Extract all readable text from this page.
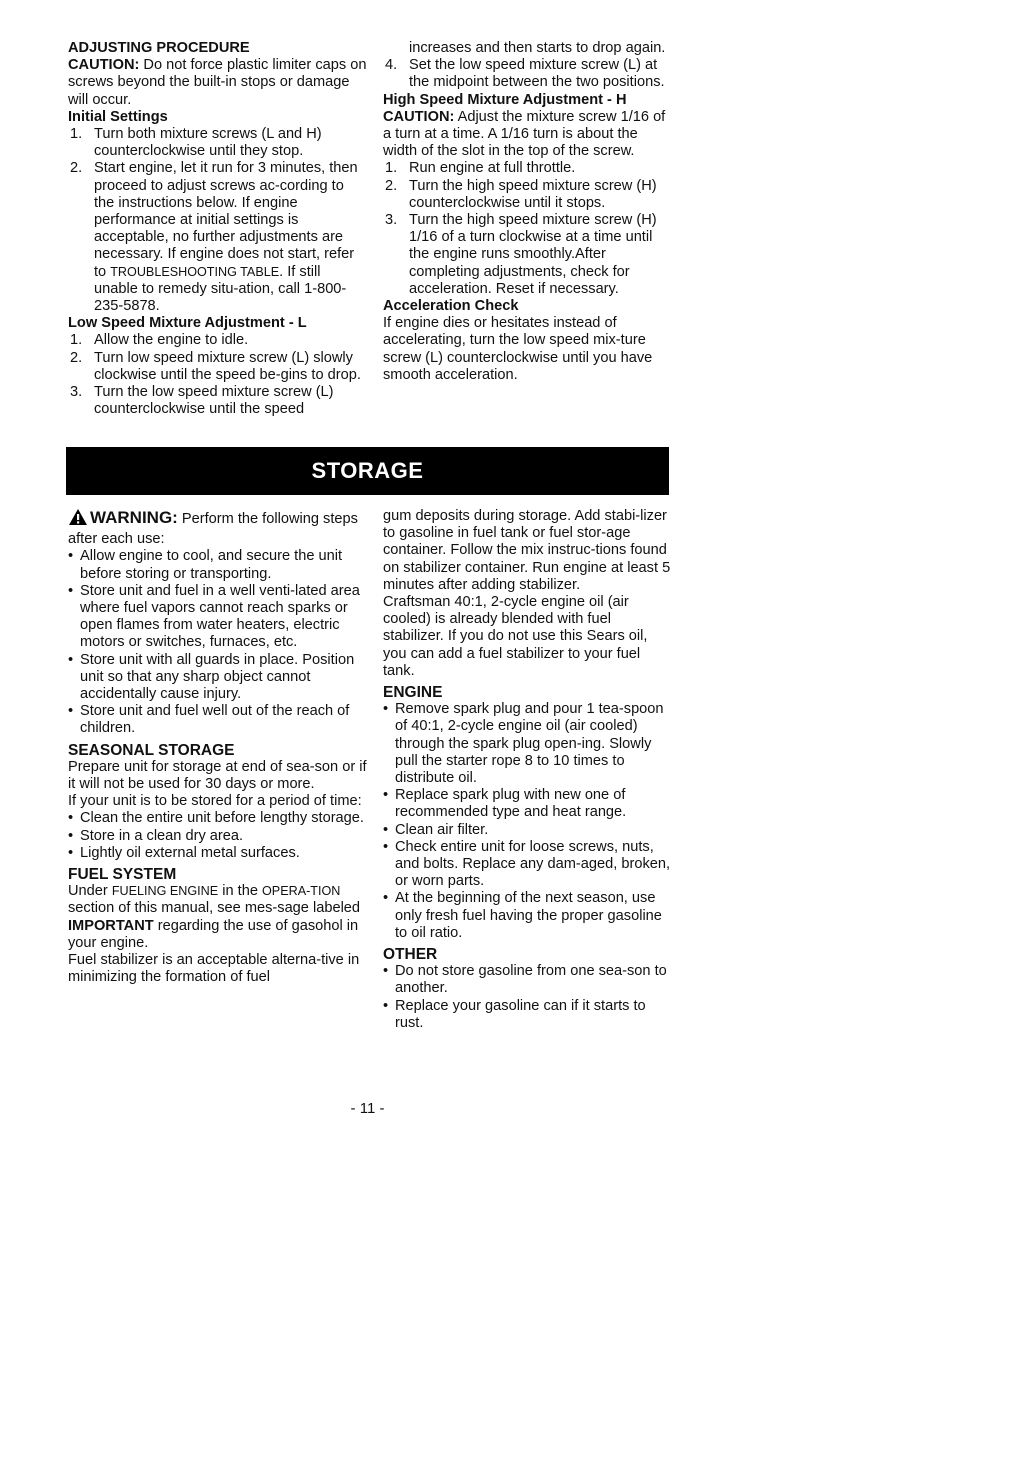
ADJUSTING PROCEDURE

CAUTION: Do not force plastic limiter caps on screws beyond the built-in stops or damage will occur.

Initial Settings

1. Turn both mixture screws (L and H) counterclockwise until they stop.
2. Start engine, let it run for 3 minutes, then proceed to adjust screws ac-cording to the instructions below. If engine performance at initial settings is acceptable, no further adjustments are necessary. If engine does not start, refer to TROUBLESHOOTING TABLE. If still unable to remedy situ-ation, call 1-800-235-5878.

Low Speed Mixture Adjustment - L

1. Allow the engine to idle.
2. Turn low speed mixture screw (L) slowly clockwise until the speed be-gins to drop.
3. Turn the low speed mixture screw (L) counterclockwise until the speed

increases and then starts to drop again.

4. Set the low speed mixture screw (L) at the midpoint between the two positions.

High Speed Mixture Adjustment - H

CAUTION: Adjust the mixture screw 1/16 of a turn at a time. A 1/16 turn is about the width of the slot in the top of the screw.

1. Run engine at full throttle.
2. Turn the high speed mixture screw (H) counterclockwise until it stops.
3. Turn the high speed mixture screw (H) 1/16 of a turn clockwise at a time until the engine runs smoothly.After completing adjustments, check for acceleration. Reset if necessary.

Acceleration Check

If engine dies or hesitates instead of accelerating, turn the low speed mix-ture screw (L) counterclockwise until you have smooth acceleration.

STORAGE

WARNING: Perform the following steps after each use:

• Allow engine to cool, and secure the unit before storing or transporting.
• Store unit and fuel in a well venti-lated area where fuel vapors cannot reach sparks or open flames from water heaters, electric motors or switches, furnaces, etc.
• Store unit with all guards in place. Position unit so that any sharp object cannot accidentally cause injury.
• Store unit and fuel well out of the reach of children.

SEASONAL STORAGE

Prepare unit for storage at end of sea-son or if it will not be used for 30 days or more.

If your unit is to be stored for a period of time:

• Clean the entire unit before lengthy storage.
• Store in a clean dry area.
• Lightly oil external metal surfaces.

FUEL SYSTEM

Under FUELING ENGINE in the OPERA-TION section of this manual, see mes-sage labeled IMPORTANT regarding the use of gasohol in your engine.

Fuel stabilizer is an acceptable alterna-tive in minimizing the formation of fuel

gum deposits during storage. Add stabi-lizer to gasoline in fuel tank or fuel stor-age container. Follow the mix instruc-tions found on stabilizer container. Run engine at least 5 minutes after adding stabilizer.

Craftsman 40:1, 2-cycle engine oil (air cooled) is already blended with fuel stabilizer. If you do not use this Sears oil, you can add a fuel stabilizer to your fuel tank.

ENGINE

• Remove spark plug and pour 1 tea-spoon of 40:1, 2-cycle engine oil (air cooled) through the spark plug open-ing. Slowly pull the starter rope 8 to 10 times to distribute oil.
• Replace spark plug with new one of recommended type and heat range.
• Clean air filter.
• Check entire unit for loose screws, nuts, and bolts. Replace any dam-aged, broken, or worn parts.
• At the beginning of the next season, use only fresh fuel having the proper gasoline to oil ratio.

OTHER

• Do not store gasoline from one sea-son to another.
• Replace your gasoline can if it starts to rust.
- 11 -
